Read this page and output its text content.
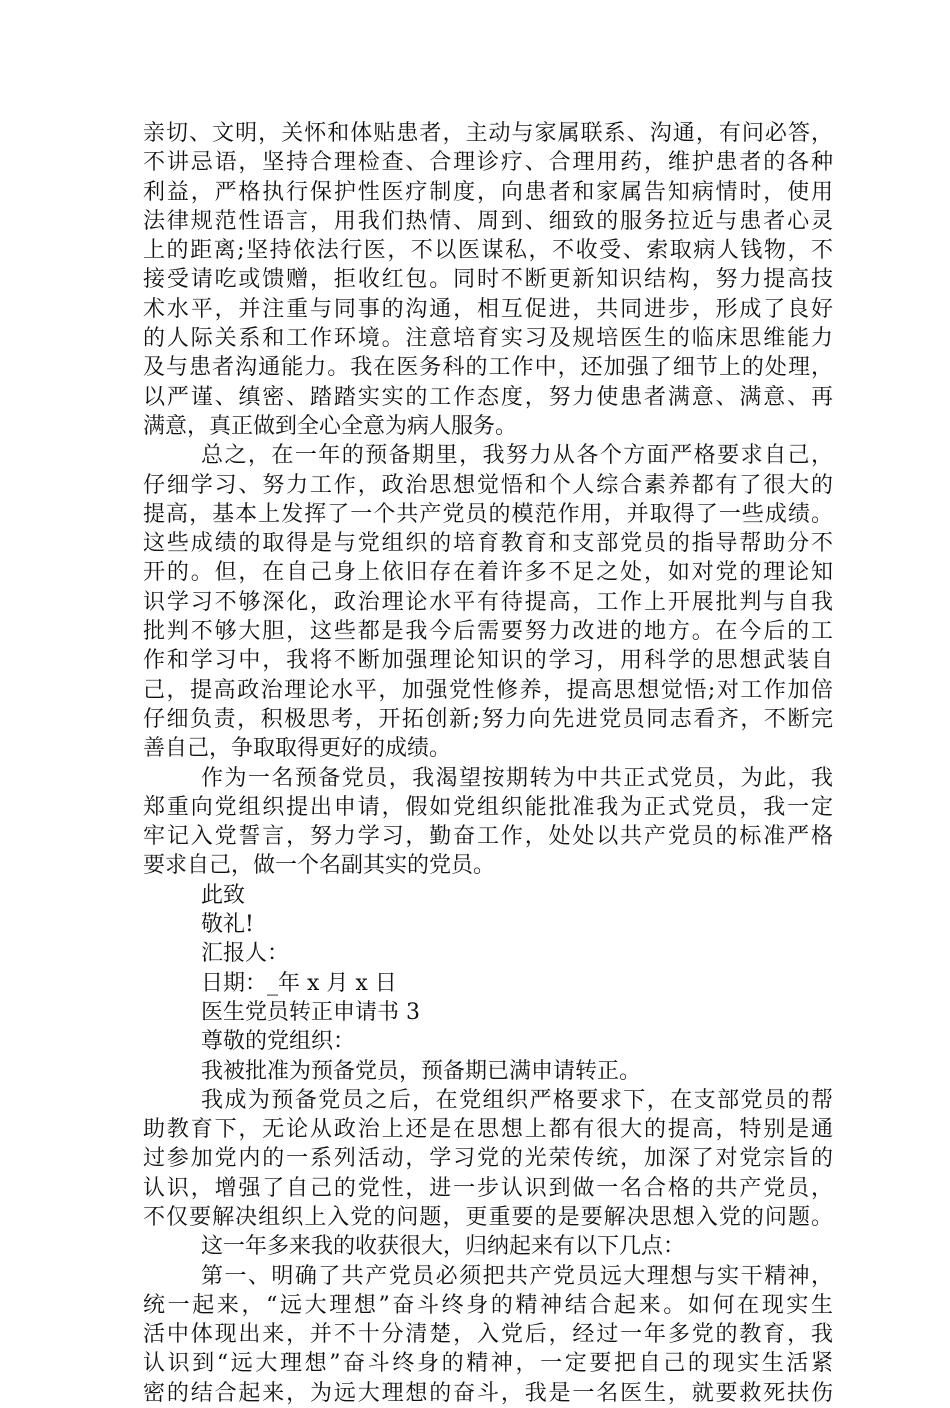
亲切、文明，关怀和体贴患者，主动与家属联系、沟通，有问必答，
不讲忌语，坚持合理检查、合理诊疗、合理用药，维护患者的各种
利益，严格执行保护性医疗制度，向患者和家属告知病情时，使用
法律规范性语言，用我们热情、周到、细致的服务拉近与患者心灵
上的距离;坚持依法行医，不以医谋私，不收受、索取病人钱物，不
接受请吃或馈赠，拒收红包。同时不断更新知识结构，努力提高技
术水平，并注重与同事的沟通，相互促进，共同进步，形成了良好
的人际关系和工作环境。注意培育实习及规培医生的临床思维能力
及与患者沟通能力。我在医务科的工作中，还加强了细节上的处理，
以严谨、缜密、踏踏实实的工作态度，努力使患者满意、满意、再
满意，真正做到全心全意为病人服务。
总之，在一年的预备期里，我努力从各个方面严格要求自己，
仔细学习、努力工作，政治思想觉悟和个人综合素养都有了很大的
提高，基本上发挥了一个共产党员的模范作用，并取得了一些成绩。
这些成绩的取得是与党组织的培育教育和支部党员的指导帮助分不
开的。但，在自己身上依旧存在着许多不足之处，如对党的理论知
识学习不够深化，政治理论水平有待提高，工作上开展批判与自我
批判不够大胆，这些都是我今后需要努力改进的地方。在今后的工
作和学习中，我将不断加强理论知识的学习，用科学的思想武装自
己，提高政治理论水平，加强党性修养，提高思想觉悟;对工作加倍
仔细负责，积极思考，开拓创新;努力向先进党员同志看齐，不断完
善自己，争取取得更好的成绩。
作为一名预备党员，我渴望按期转为中共正式党员，为此，我
郑重向党组织提出申请，假如党组织能批准我为正式党员，我一定
牢记入党誓言，努力学习，勤奋工作，处处以共产党员的标准严格
要求自己，做一个名副其实的党员。
此致
敬礼!
汇报人：
日期：_年 x 月 x 日
医生党员转正申请书 3
尊敬的党组织：
我被批准为预备党员，预备期已满申请转正。
我成为预备党员之后，在党组织严格要求下，在支部党员的帮
助教育下，无论从政治上还是在思想上都有很大的提高，特别是通
过参加党内的一系列活动，学习党的光荣传统，加深了对党宗旨的
认识，增强了自己的党性，进一步认识到做一名合格的共产党员，
不仅要解决组织上入党的问题，更重要的是要解决思想入党的问题。
这一年多来我的收获很大，归纳起来有以下几点：
第一、明确了共产党员必须把共产党员远大理想与实干精神，
统一起来，“远大理想”奋斗终身的精神结合起来。如何在现实生
活中体现出来，并不十分清楚，入党后，经过一年多党的教育，我
认识到“远大理想”奋斗终身的精神，一定要把自己的现实生活紧
密的结合起来，为远大理想的奋斗，我是一名医生，就要救死扶伤
